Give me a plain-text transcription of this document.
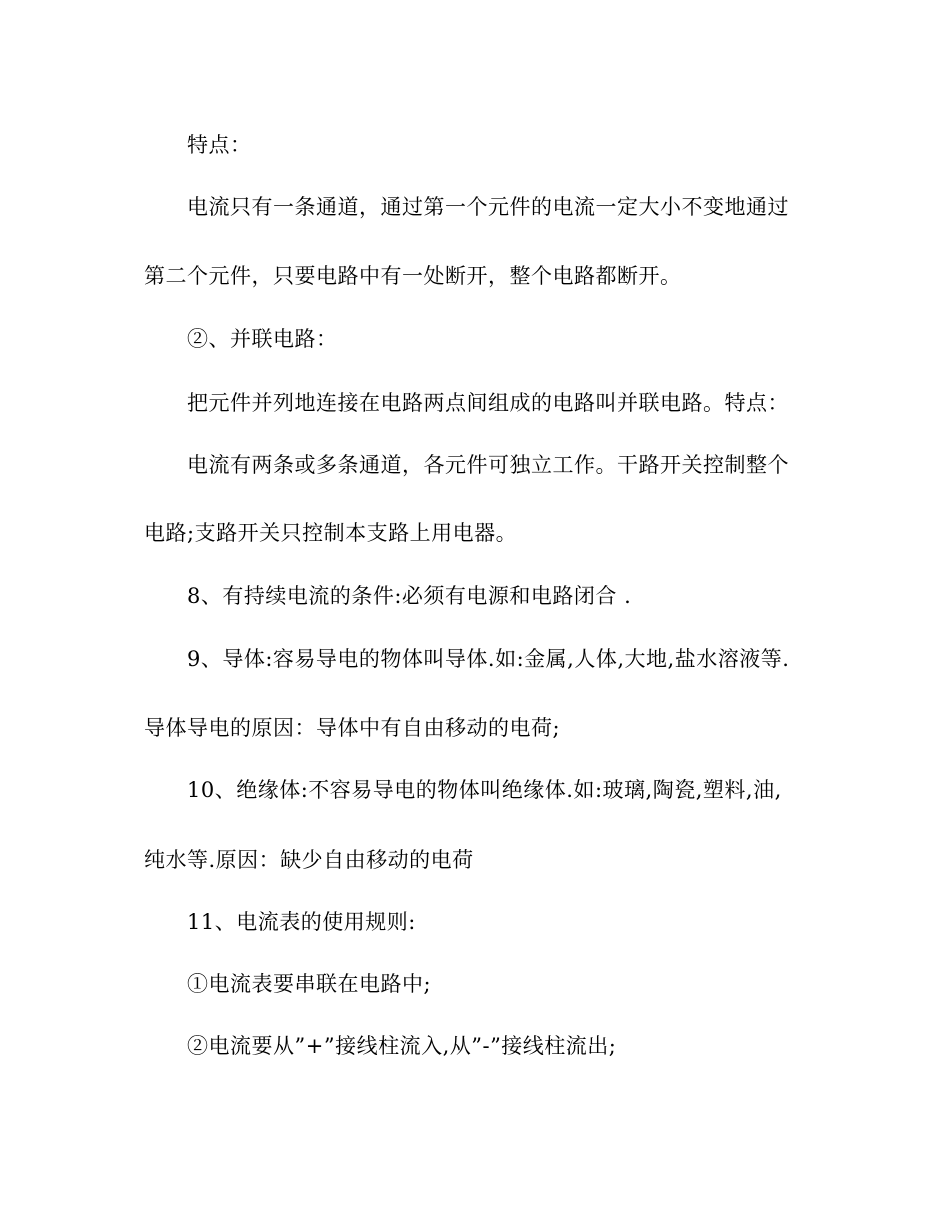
特点：
电流只有一条通道，通过第一个元件的电流一定大小不变地通过
第二个元件，只要电路中有一处断开，整个电路都断开。
②、并联电路：
把元件并列地连接在电路两点间组成的电路叫并联电路。特点：
电流有两条或多条通道，各元件可独立工作。干路开关控制整个
电路;支路开关只控制本支路上用电器。
8、有持续电流的条件:必须有电源和电路闭合 .
9、导体:容易导电的物体叫导体.如:金属,人体,大地,盐水溶液等.
导体导电的原因：导体中有自由移动的电荷;
10、绝缘体:不容易导电的物体叫绝缘体.如:玻璃,陶瓷,塑料,油,
纯水等.原因：缺少自由移动的电荷
11、电流表的使用规则:
①电流表要串联在电路中;
②电流要从”+”接线柱流入,从”-”接线柱流出;
